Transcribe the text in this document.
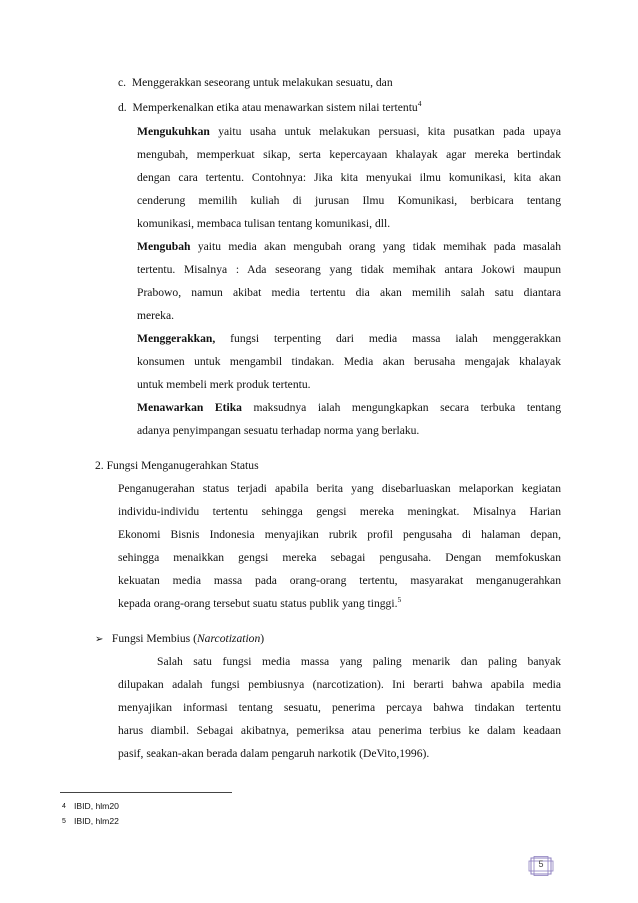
c. Menggerakkan seseorang untuk melakukan sesuatu, dan
d. Memperkenalkan etika atau menawarkan sistem nilai tertentu$^4$
Mengukuhkan yaitu usaha untuk melakukan persuasi, kita pusatkan pada upaya
mengubah, memperkuat sikap, serta kepercayaan khalayak agar mereka bertindak
dengan cara tertentu. Contohnya: Jika kita menyukai ilmu komunikasi, kita akan
cenderung memilih kuliah di jurusan Ilmu Komunikasi, berbicara tentang
komunikasi, membaca tulisan tentang komunikasi, dll.
Mengubah yaitu media akan mengubah orang yang tidak memihak pada masalah
tertentu. Misalnya : Ada seseorang yang tidak memihak antara Jokowi maupun
Prabowo, namun akibat media tertentu dia akan memilih salah satu diantara
mereka.
Menggerakkan, fungsi terpenting dari media massa ialah menggerakkan
konsumen untuk mengambil tindakan. Media akan berusaha mengajak khalayak
untuk membeli merk produk tertentu.
Menawarkan Etika maksudnya ialah mengungkapkan secara terbuka tentang
adanya penyimpangan sesuatu terhadap norma yang berlaku.
2. Fungsi Menganugerahkan Status
Penganugerahan status terjadi apabila berita yang disebarluaskan melaporkan kegiatan
individu-individu tertentu sehingga gengsi mereka meningkat. Misalnya Harian
Ekonomi Bisnis Indonesia menyajikan rubrik profil pengusaha di halaman depan,
sehingga menaikkan gengsi mereka sebagai pengusaha. Dengan memfokuskan
kekuatan media massa pada orang-orang tertentu, masyarakat menganugerahkan
kepada orang-orang tersebut suatu status publik yang tinggi.$^5$
➢ Fungsi Membius (Narcotization)
Salah satu fungsi media massa yang paling menarik dan paling banyak
dilupakan adalah fungsi pembiusnya (narcotization). Ini berarti bahwa apabila media
menyajikan informasi tentang sesuatu, penerima percaya bahwa tindakan tertentu
harus diambil. Sebagai akibatnya, pemeriksa atau penerima terbius ke dalam keadaan
pasif, seakan-akan berada dalam pengaruh narkotik (DeVito,1996).
4 IBID, hlm20
5 IBID, hlm22
5
